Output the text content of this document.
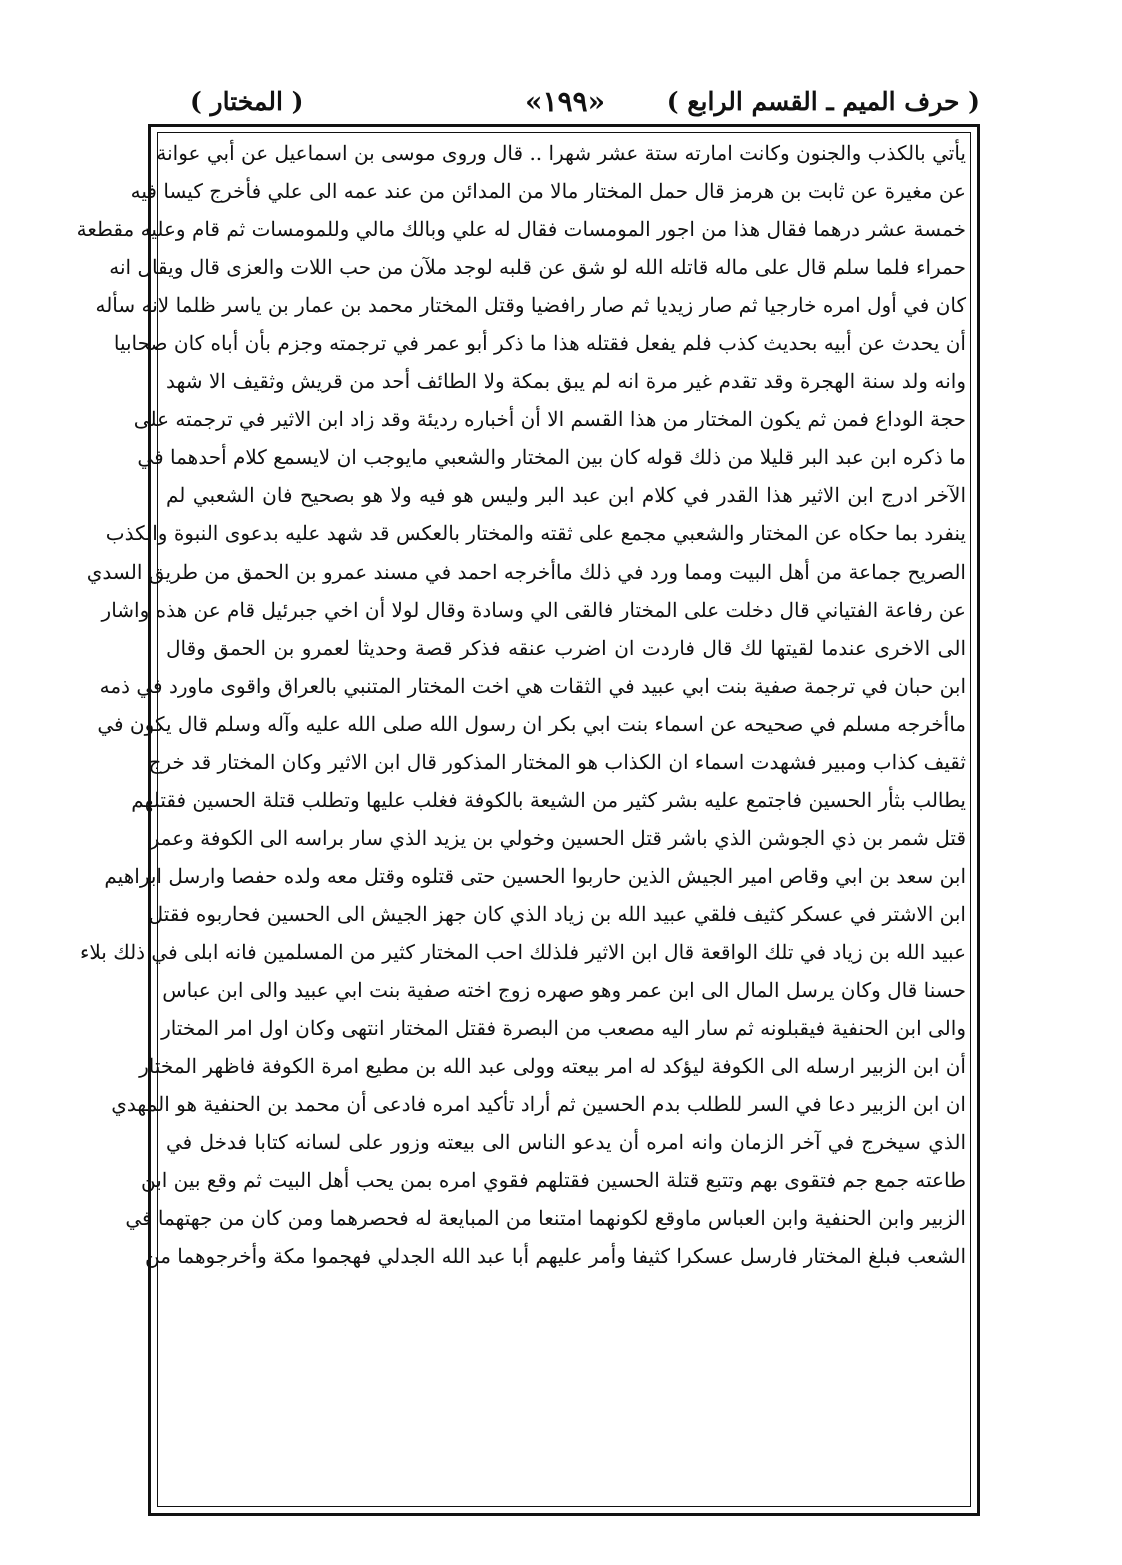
( حرف الميم ـ القسم الرابع )
«۱۹۹»
( المختار )
يأتي بالكذب والجنون وكانت امارته ستة عشر شهرا .. قال وروى موسى بن اسماعيل عن أبي عوانة
عن مغيرة عن ثابت بن هرمز قال حمل المختار مالا من المدائن من عند عمه الى علي فأخرج كيسا فيه
خمسة عشر درهما فقال هذا من اجور المومسات فقال له علي وبالك مالي وللمومسات ثم قام وعليه مقطعة
حمراء فلما سلم قال على ماله قاتله الله لو شق عن قلبه لوجد ملآن من حب اللات والعزى قال ويقال انه
كان في أول امره خارجيا ثم صار زيديا ثم صار رافضيا وقتل المختار محمد بن عمار بن ياسر ظلما لانه سأله
أن يحدث عن أبيه بحديث كذب فلم يفعل فقتله هذا ما ذكر أبو عمر في ترجمته وجزم بأن أباه كان صحابيا
وانه ولد سنة الهجرة وقد تقدم غير مرة انه لم يبق بمكة ولا الطائف أحد من قريش وثقيف الا شهد
حجة الوداع فمن ثم يكون المختار من هذا القسم الا أن أخباره رديئة وقد زاد ابن الاثير في ترجمته على
ما ذكره ابن عبد البر قليلا من ذلك قوله كان بين المختار والشعبي مايوجب ان لايسمع كلام أحدهما في
الآخر ادرج ابن الاثير هذا القدر في كلام ابن عبد البر وليس هو فيه ولا هو بصحيح فان الشعبي لم
ينفرد بما حكاه عن المختار والشعبي مجمع على ثقته والمختار بالعكس قد شهد عليه بدعوى النبوة والكذب
الصريح جماعة من أهل البيت ومما ورد في ذلك ماأخرجه احمد في مسند عمرو بن الحمق من طريق السدي
عن رفاعة الفتياني قال دخلت على المختار فالقى الي وسادة وقال لولا أن اخي جبرئيل قام عن هذه واشار
الى الاخرى عندما لقيتها لك قال فاردت ان اضرب عنقه فذكر قصة وحديثا لعمرو بن الحمق وقال
ابن حبان في ترجمة صفية بنت ابي عبيد في الثقات هي اخت المختار المتنبي بالعراق واقوى ماورد في ذمه
ماأخرجه مسلم في صحيحه عن اسماء بنت ابي بكر ان رسول الله صلى الله عليه وآله وسلم قال يكون في
ثقيف كذاب ومبير فشهدت اسماء ان الكذاب هو المختار المذكور قال ابن الاثير وكان المختار قد خرج
يطالب بثأر الحسين فاجتمع عليه بشر كثير من الشيعة بالكوفة فغلب عليها وتطلب قتلة الحسين فقتلهم
قتل شمر بن ذي الجوشن الذي باشر قتل الحسين وخولي بن يزيد الذي سار براسه الى الكوفة وعمر
ابن سعد بن ابي وقاص امير الجيش الذين حاربوا الحسين حتى قتلوه وقتل معه ولده حفصا وارسل ابراهيم
ابن الاشتر في عسكر كثيف فلقي عبيد الله بن زياد الذي كان جهز الجيش الى الحسين فحاربوه فقتل
عبيد الله بن زياد في تلك الواقعة قال ابن الاثير فلذلك احب المختار كثير من المسلمين فانه ابلى في ذلك بلاء
حسنا قال وكان يرسل المال الى ابن عمر وهو صهره زوج اخته صفية بنت ابي عبيد والى ابن عباس
والى ابن الحنفية فيقبلونه ثم سار اليه مصعب من البصرة فقتل المختار انتهى وكان اول امر المختار
أن ابن الزبير ارسله الى الكوفة ليؤكد له امر بيعته وولى عبد الله بن مطيع امرة الكوفة فاظهر المختار
ان ابن الزبير دعا في السر للطلب بدم الحسين ثم أراد تأكيد امره فادعى أن محمد بن الحنفية هو المهدي
الذي سيخرج في آخر الزمان وانه امره أن يدعو الناس الى بيعته وزور على لسانه كتابا فدخل في
طاعته جمع جم فتقوى بهم وتتبع قتلة الحسين فقتلهم فقوي امره بمن يحب أهل البيت ثم وقع بين ابن
الزبير وابن الحنفية وابن العباس ماوقع لكونهما امتنعا من المبايعة له فحصرهما ومن كان من جهتهما في
الشعب فبلغ المختار فارسل عسكرا كثيفا وأمر عليهم أبا عبد الله الجدلي فهجموا مكة وأخرجوهما من
